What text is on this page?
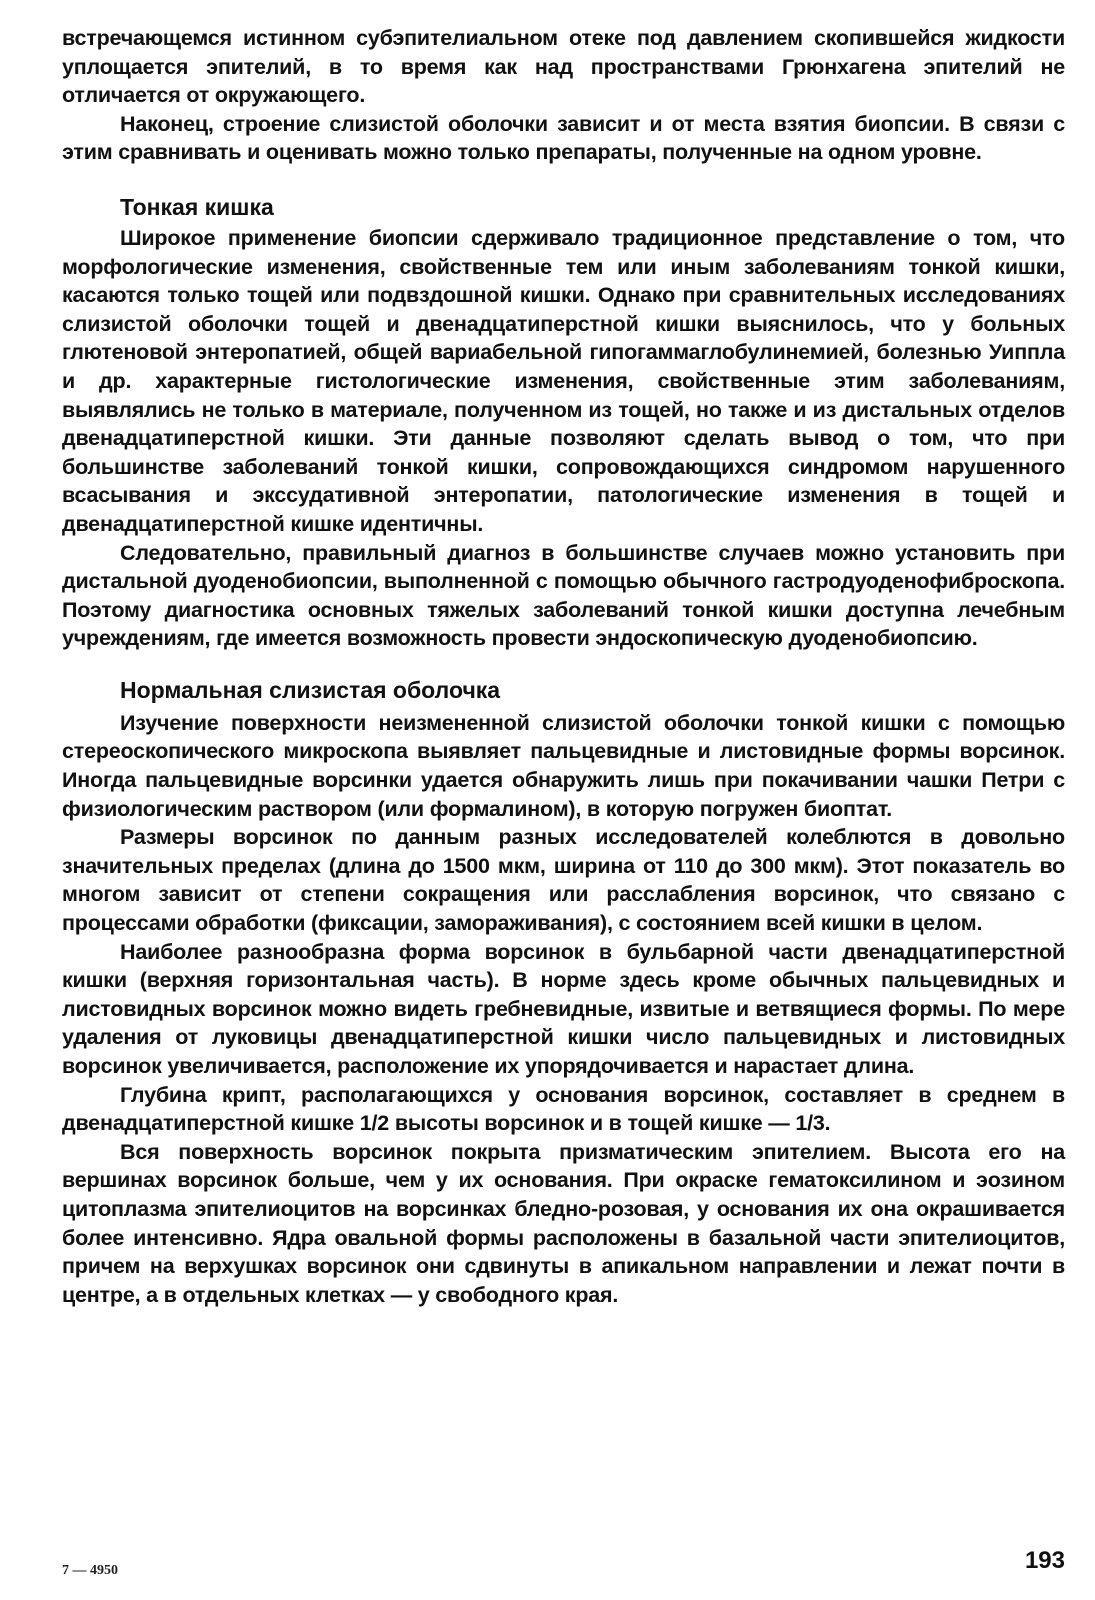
встречающемся истинном субэпителиальном отеке под давлением скопившейся жидкости уплощается эпителий, в то время как над пространствами Грюнхагена эпителий не отличается от окружающего.

Наконец, строение слизистой оболочки зависит и от места взятия биопсии. В связи с этим сравнивать и оценивать можно только препараты, полученные на одном уровне.

Тонкая кишка

Широкое применение биопсии сдерживало традиционное представление о том, что морфологические изменения, свойственные тем или иным заболеваниям тонкой кишки, касаются только тощей или подвздошной кишки. Однако при сравнительных исследованиях слизистой оболочки тощей и двенадцатиперстной кишки выяснилось, что у больных глютеновой энтеропатией, общей вариабельной гипогаммаглобулинемией, болезнью Уиппла и др. характерные гистологические изменения, свойственные этим заболеваниям, выявлялись не только в материале, полученном из тощей, но также и из дистальных отделов двенадцатиперстной кишки. Эти данные позволяют сделать вывод о том, что при большинстве заболеваний тонкой кишки, сопровождающихся синдромом нарушенного всасывания и экссудативной энтеропатии, патологические изменения в тощей и двенадцатиперстной кишке идентичны.

Следовательно, правильный диагноз в большинстве случаев можно установить при дистальной дуоденобиопсии, выполненной с помощью обычного гастродуоденофиброскопа. Поэтому диагностика основных тяжелых заболеваний тонкой кишки доступна лечебным учреждениям, где имеется возможность провести эндоскопическую дуоденобиопсию.

Нормальная слизистая оболочка

Изучение поверхности неизмененной слизистой оболочки тонкой кишки с помощью стереоскопического микроскопа выявляет пальцевидные и листовидные формы ворсинок. Иногда пальцевидные ворсинки удается обнаружить лишь при покачивании чашки Петри с физиологическим раствором (или формалином), в которую погружен биоптат.

Размеры ворсинок по данным разных исследователей колеблются в довольно значительных пределах (длина до 1500 мкм, ширина от 110 до 300 мкм). Этот показатель во многом зависит от степени сокращения или расслабления ворсинок, что связано с процессами обработки (фиксации, замораживания), с состоянием всей кишки в целом.

Наиболее разнообразна форма ворсинок в бульбарной части двенадцатиперстной кишки (верхняя горизонтальная часть). В норме здесь кроме обычных пальцевидных и листовидных ворсинок можно видеть гребневидные, извитые и ветвящиеся формы. По мере удаления от луковицы двенадцатиперстной кишки число пальцевидных и листовидных ворсинок увеличивается, расположение их упорядочивается и нарастает длина.

Глубина крипт, располагающихся у основания ворсинок, составляет в среднем в двенадцатиперстной кишке 1/2 высоты ворсинок и в тощей кишке — 1/3.

Вся поверхность ворсинок покрыта призматическим эпителием. Высота его на вершинах ворсинок больше, чем у их основания. При окраске гематоксилином и эозином цитоплазма эпителиоцитов на ворсинках бледно-розовая, у основания их она окрашивается более интенсивно. Ядра овальной формы расположены в базальной части эпителиоцитов, причем на верхушках ворсинок они сдвинуты в апикальном направлении и лежат почти в центре, а в отдельных клетках — у свободного края.

7 — 4950	193
